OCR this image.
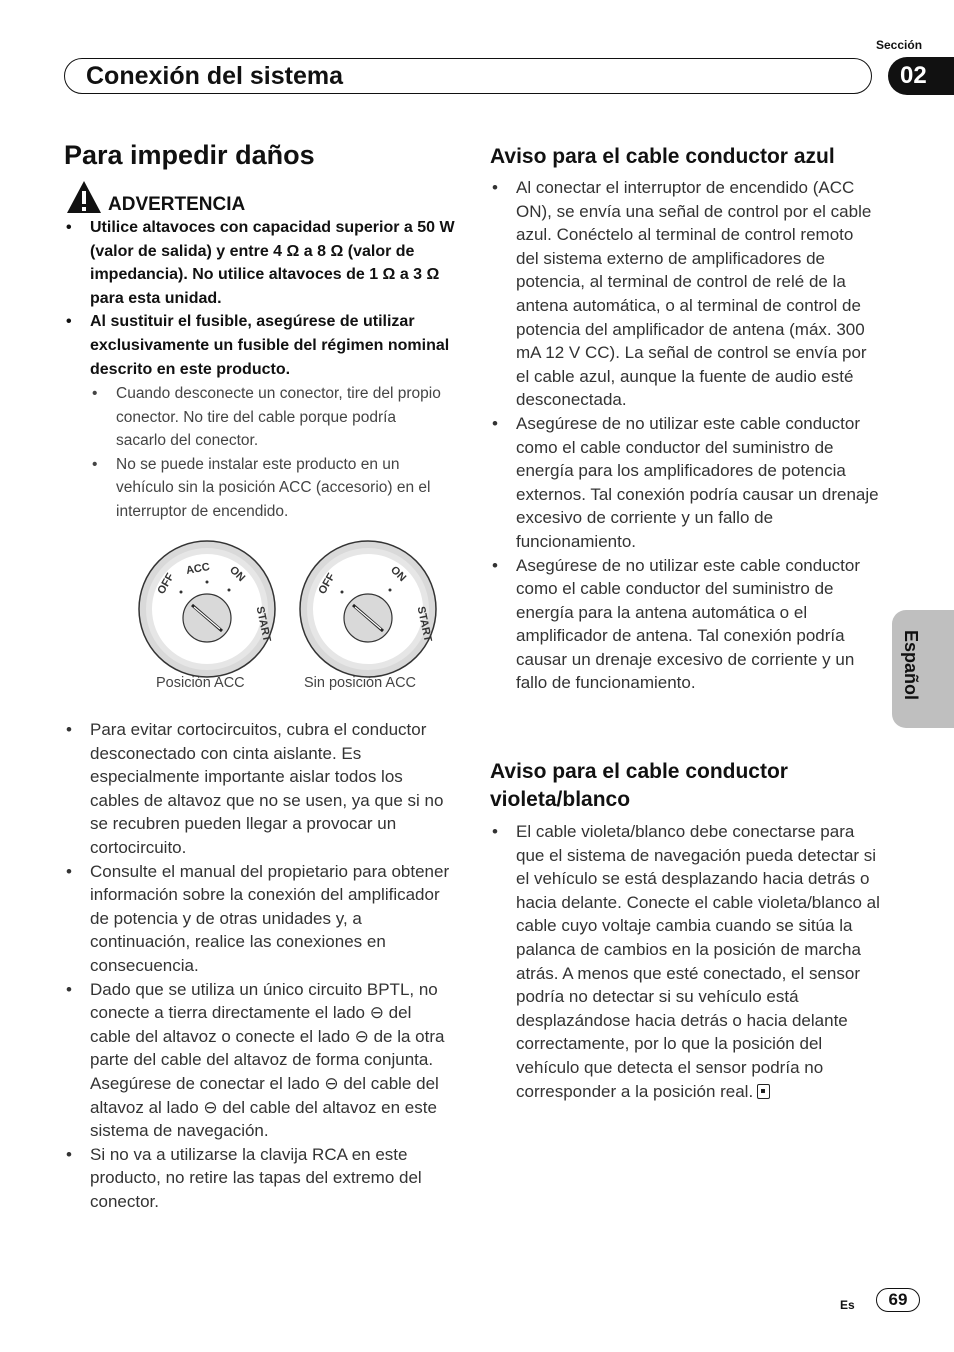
Sección
Conexión del sistema	02
Español
Para impedir daños
ADVERTENCIA
• Utilice altavoces con capacidad superior a 50 W (valor de salida) y entre 4 Ω a 8 Ω (valor de impedancia). No utilice altavoces de 1 Ω a 3 Ω para esta unidad.
• Al sustituir el fusible, asegúrese de utilizar exclusivamente un fusible del régimen nominal descrito en este producto.
• Cuando desconecte un conector, tire del propio conector. No tire del cable porque podría sacarlo del conector.
• No se puede instalar este producto en un vehículo sin la posición ACC (accesorio) en el interruptor de encendido.
OFF
ACC ON
START
OFF	ON
START
Posición ACC	Sin posición ACC
• Para evitar cortocircuitos, cubra el conductor desconectado con cinta aislante. Es especialmente importante aislar todos los cables de altavoz que no se usen, ya que si no se recubren pueden llegar a provocar un cortocircuito.
• Consulte el manual del propietario para obtener información sobre la conexión del amplificador de potencia y de otras unidades y, a continuación, realice las conexiones en consecuencia.
• Dado que se utiliza un único circuito BPTL, no conecte a tierra directamente el lado ⊖ del cable del altavoz o conecte el lado ⊖ de la otra parte del cable del altavoz de forma conjunta. Asegúrese de conectar el lado ⊖ del cable del altavoz al lado ⊖ del cable del altavoz en este sistema de navegación.
• Si no va a utilizarse la clavija RCA en este producto, no retire las tapas del extremo del conector.
Aviso para el cable conductor azul
• Al conectar el interruptor de encendido (ACC ON), se envía una señal de control por el cable azul. Conéctelo al terminal de control remoto del sistema externo de amplificadores de potencia, al terminal de control de relé de la antena automática, o al terminal de control de potencia del amplificador de antena (máx. 300 mA 12 V CC). La señal de control se envía por el cable azul, aunque la fuente de audio esté desconectada.
• Asegúrese de no utilizar este cable conductor como el cable conductor del suministro de energía para los amplificadores de potencia externos. Tal conexión podría causar un drenaje excesivo de corriente y un fallo de funcionamiento.
• Asegúrese de no utilizar este cable conductor como el cable conductor del suministro de energía para la antena automática o el amplificador de antena. Tal conexión podría causar un drenaje excesivo de corriente y un fallo de funcionamiento.
Aviso para el cable conductor violeta/blanco
• El cable violeta/blanco debe conectarse para que el sistema de navegación pueda detectar si el vehículo se está desplazando hacia detrás o hacia delante. Conecte el cable violeta/blanco al cable cuyo voltaje cambia cuando se sitúa la palanca de cambios en la posición de marcha atrás. A menos que esté conectado, el sensor podría no detectar si su vehículo está desplazándose hacia detrás o hacia delante correctamente, por lo que la posición del vehículo que detecta el sensor podría no corresponder a la posición real.
Es	69
